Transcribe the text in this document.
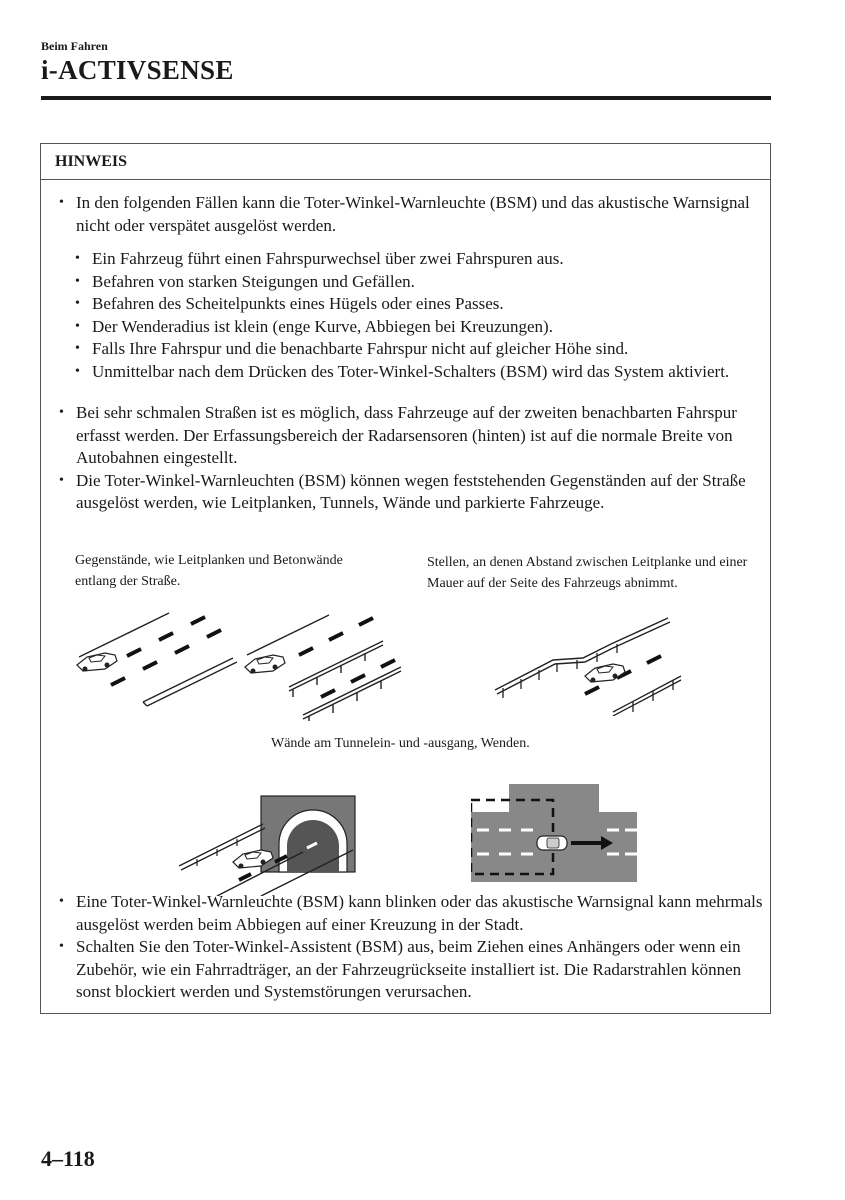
Beim Fahren
i-ACTIVSENSE
HINWEIS
• In den folgenden Fällen kann die Toter-Winkel-Warnleuchte (BSM) und das akustische Warnsignal nicht oder verspätet ausgelöst werden.
• Ein Fahrzeug führt einen Fahrspurwechsel über zwei Fahrspuren aus.
• Befahren von starken Steigungen und Gefällen.
• Befahren des Scheitelpunkts eines Hügels oder eines Passes.
• Der Wenderadius ist klein (enge Kurve, Abbiegen bei Kreuzungen).
• Falls Ihre Fahrspur und die benachbarte Fahrspur nicht auf gleicher Höhe sind.
• Unmittelbar nach dem Drücken des Toter-Winkel-Schalters (BSM) wird das System aktiviert.
• Bei sehr schmalen Straßen ist es möglich, dass Fahrzeuge auf der zweiten benachbarten Fahrspur erfasst werden. Der Erfassungsbereich der Radarsensoren (hinten) ist auf die normale Breite von Autobahnen eingestellt.
• Die Toter-Winkel-Warnleuchten (BSM) können wegen feststehenden Gegenständen auf der Straße ausgelöst werden, wie Leitplanken, Tunnels, Wände und parkierte Fahrzeuge.
Gegenstände, wie Leitplanken und Betonwände entlang der Straße.
Stellen, an denen Abstand zwischen Leitplanke und einer Mauer auf der Seite des Fahrzeugs abnimmt.
Wände am Tunnelein- und -ausgang, Wenden.
• Eine Toter-Winkel-Warnleuchte (BSM) kann blinken oder das akustische Warnsignal kann mehrmals ausgelöst werden beim Abbiegen auf einer Kreuzung in der Stadt.
• Schalten Sie den Toter-Winkel-Assistent (BSM) aus, beim Ziehen eines Anhängers oder wenn ein Zubehör, wie ein Fahrradträger, an der Fahrzeugrückseite installiert ist. Die Radarstrahlen können sonst blockiert werden und Systemstörungen verursachen.
4–118
